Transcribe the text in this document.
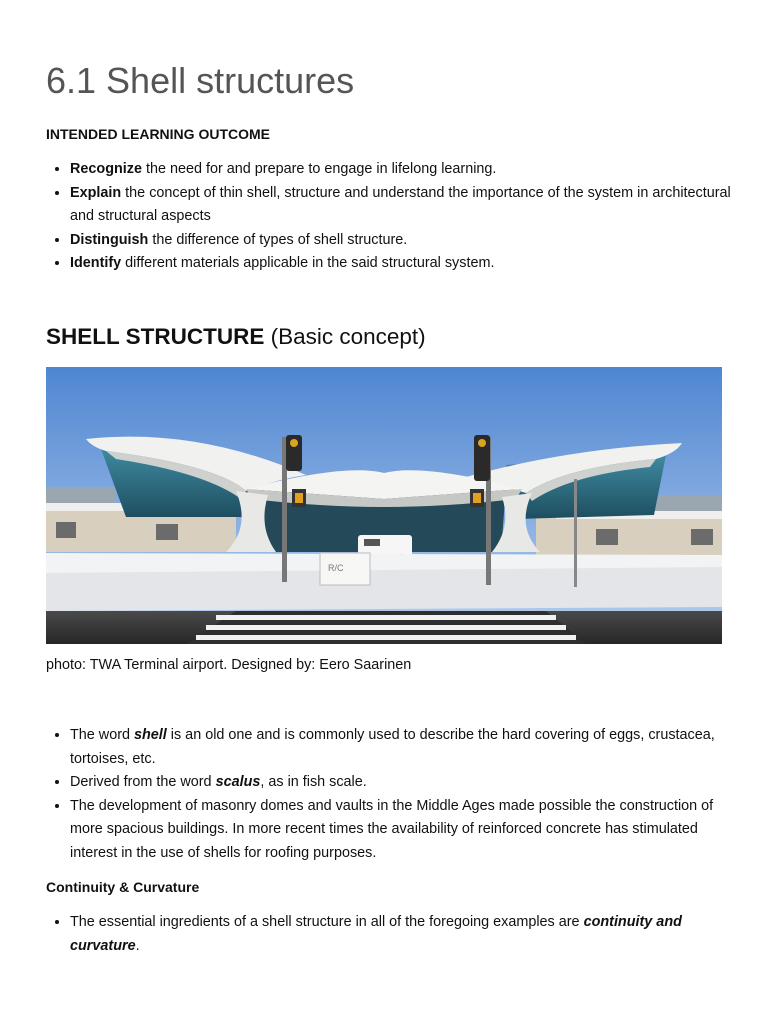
6.1 Shell structures

INTENDED LEARNING OUTCOME

• Recognize the need for and prepare to engage in lifelong learning.
• Explain the concept of thin shell, structure and understand the importance of the system in architectural and structural aspects
• Distinguish the difference of types of shell structure.
• Identify different materials applicable in the said structural system.
SHELL STRUCTURE (Basic concept)
R/C

photo: TWA Terminal airport. Designed by: Eero Saarinen

• The word shell is an old one and is commonly used to describe the hard covering of eggs, crustacea, tortoises, etc.
• Derived from the word scalus, as in fish scale.
• The development of masonry domes and vaults in the Middle Ages made possible the construction of more spacious buildings. In more recent times the availability of reinforced concrete has stimulated interest in the use of shells for roofing purposes.

Continuity & Curvature

• The essential ingredients of a shell structure in all of the foregoing examples are continuity and curvature.
